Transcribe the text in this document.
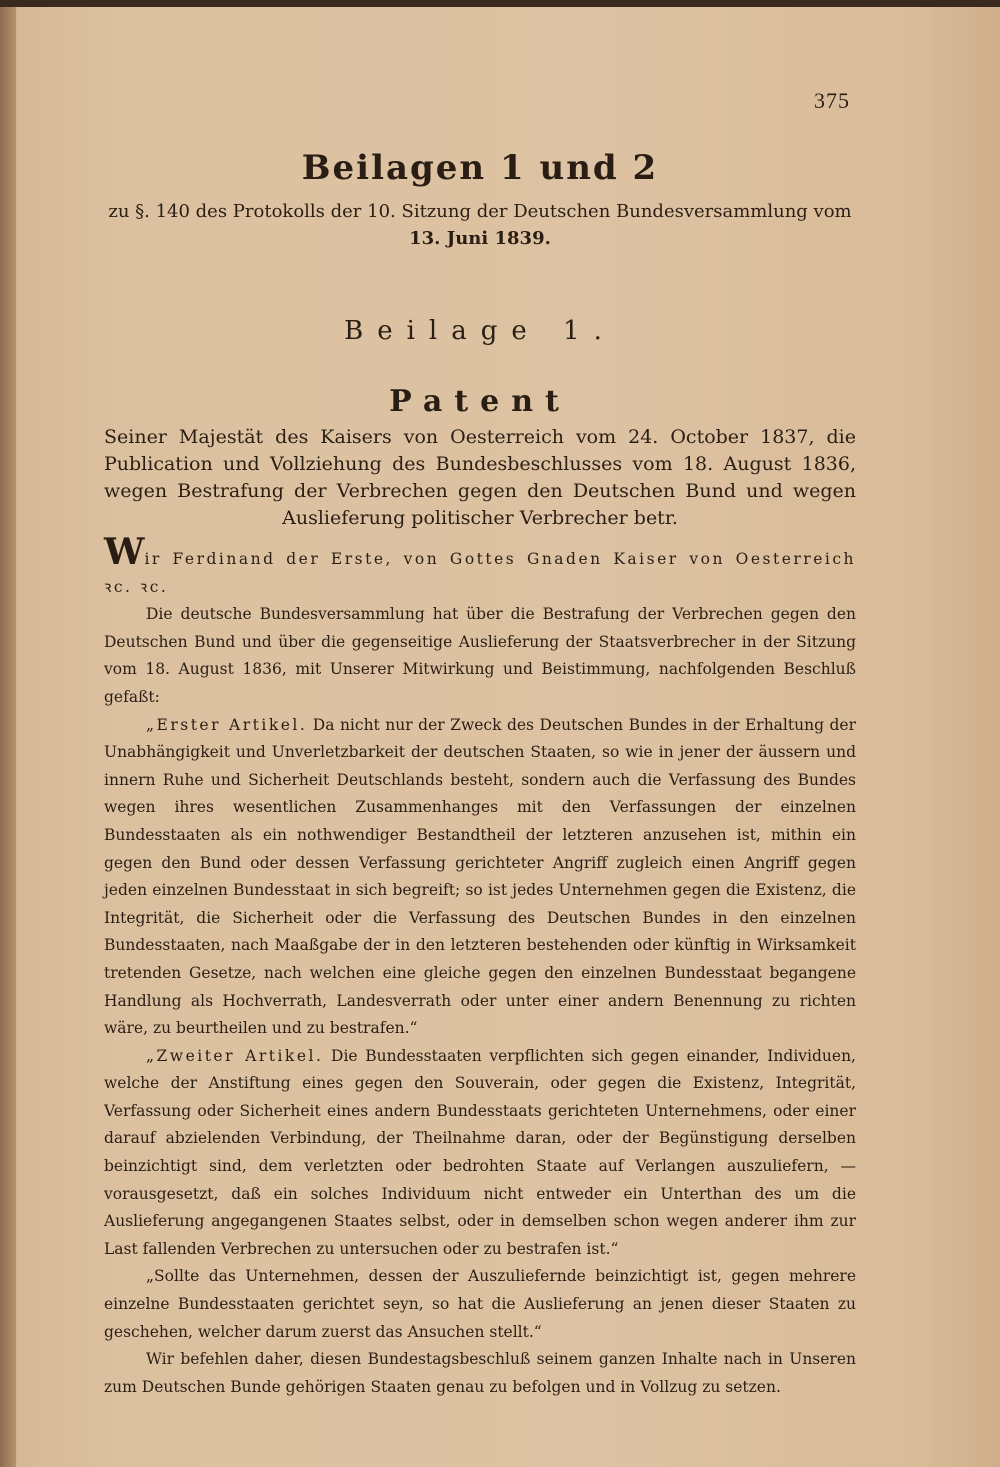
375
Beilagen 1 und 2
zu §. 140 des Protokolls der 10. Sitzung der Deutschen Bundesversammlung vom
13. Juni 1839.
Beilage 1.
Patent
Seiner Majestät des Kaisers von Oesterreich vom 24. October 1837, die Publication und Vollziehung des Bundesbeschlusses vom 18. August 1836, wegen Bestrafung der Verbrechen gegen den Deutschen Bund und wegen Auslieferung politischer Verbrecher betr.

Wir Ferdinand der Erste, von Gottes Gnaden Kaiser von Oesterreich ꝛc. ꝛc.

Die deutsche Bundesversammlung hat über die Bestrafung der Verbrechen gegen den Deutschen Bund und über die gegenseitige Auslieferung der Staatsverbrecher in der Sitzung vom 18. August 1836, mit Unserer Mitwirkung und Beistimmung, nachfolgenden Beschluß gefaßt:

„Erster Artikel. Da nicht nur der Zweck des Deutschen Bundes in der Erhaltung der Unabhängigkeit und Unverletzbarkeit der deutschen Staaten, so wie in jener der äussern und innern Ruhe und Sicherheit Deutschlands besteht, sondern auch die Verfassung des Bundes wegen ihres wesentlichen Zusammenhanges mit den Verfassungen der einzelnen Bundesstaaten als ein nothwendiger Bestandtheil der letzteren anzusehen ist, mithin ein gegen den Bund oder dessen Verfassung gerichteter Angriff zugleich einen Angriff gegen jeden einzelnen Bundesstaat in sich begreift; so ist jedes Unternehmen gegen die Existenz, die Integrität, die Sicherheit oder die Verfassung des Deutschen Bundes in den einzelnen Bundesstaaten, nach Maaßgabe der in den letzteren bestehenden oder künftig in Wirksamkeit tretenden Gesetze, nach welchen eine gleiche gegen den einzelnen Bundesstaat begangene Handlung als Hochverrath, Landesverrath oder unter einer andern Benennung zu richten wäre, zu beurtheilen und zu bestrafen.“

„Zweiter Artikel. Die Bundesstaaten verpflichten sich gegen einander, Individuen, welche der Anstiftung eines gegen den Souverain, oder gegen die Existenz, Integrität, Verfassung oder Sicherheit eines andern Bundesstaats gerichteten Unternehmens, oder einer darauf abzielenden Verbindung, der Theilnahme daran, oder der Begünstigung derselben beinzichtigt sind, dem verletzten oder bedrohten Staate auf Verlangen auszuliefern, — vorausgesetzt, daß ein solches Individuum nicht entweder ein Unterthan des um die Auslieferung angegangenen Staates selbst, oder in demselben schon wegen anderer ihm zur Last fallenden Verbrechen zu untersuchen oder zu bestrafen ist.“

„Sollte das Unternehmen, dessen der Auszuliefernde beinzichtigt ist, gegen mehrere einzelne Bundesstaaten gerichtet seyn, so hat die Auslieferung an jenen dieser Staaten zu geschehen, welcher darum zuerst das Ansuchen stellt.“

Wir befehlen daher, diesen Bundestagsbeschluß seinem ganzen Inhalte nach in Unseren zum Deutschen Bunde gehörigen Staaten genau zu befolgen und in Vollzug zu setzen.
